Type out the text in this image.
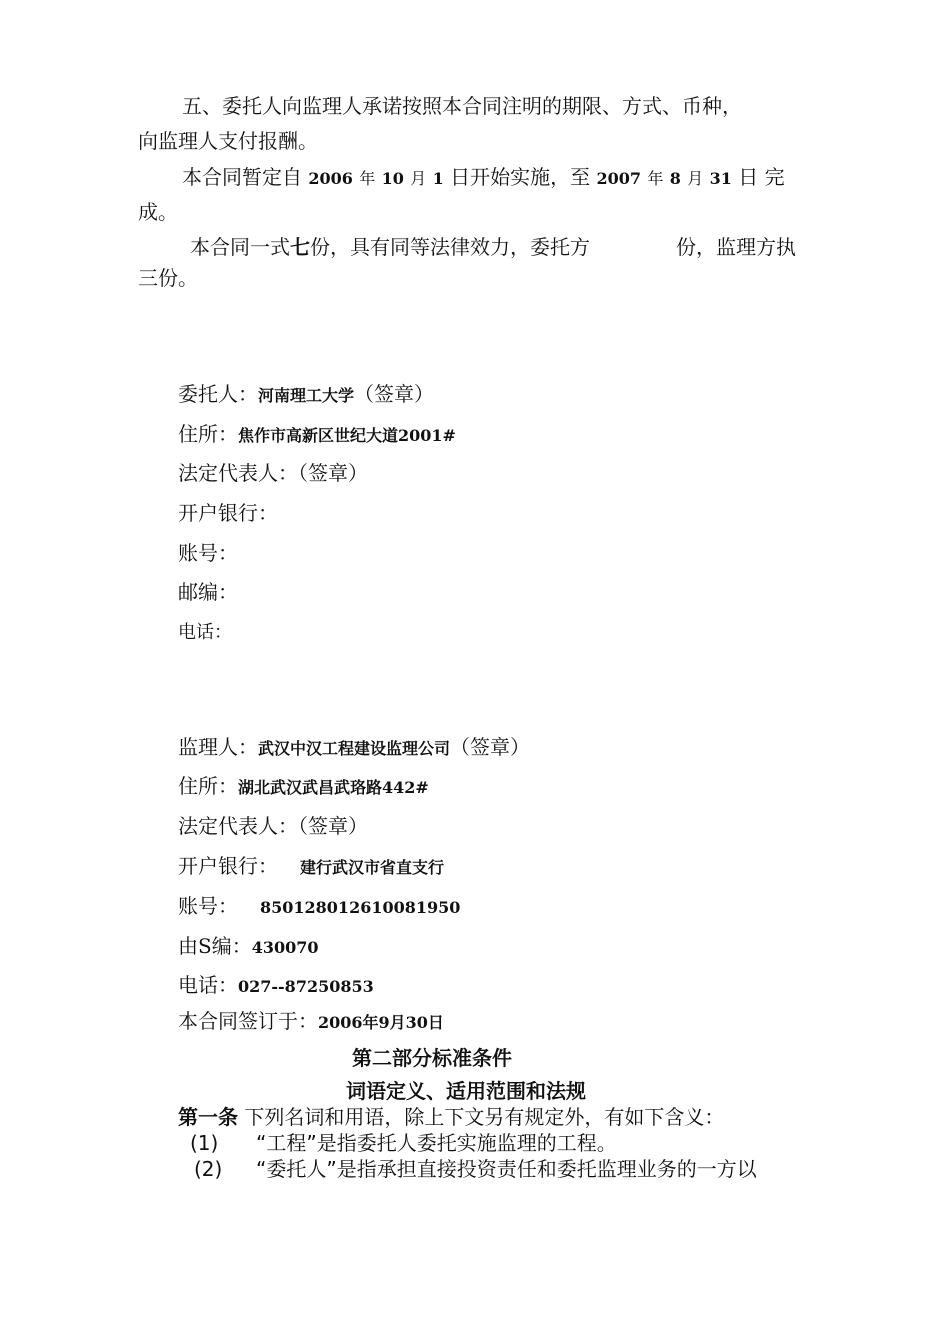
五、委托人向监理人承诺按照本合同注明的期限、方式、币种，
向监理人支付报酬。
本合同暂定自 2006 年 10 月 1 日开始实施，至 2007 年 8 月 31 日 完
成。
本合同一式七份，具有同等法律效力，委托方	份，监理方执
三份。
委托人：河南理工大学（签章）
住所：焦作市高新区世纪大道2001#
法定代表人：（签章）
开户银行：
账号：
邮编：
电话：
监理人：武汉中汉工程建设监理公司（签章）
住所：湖北武汉武昌武珞路442#
法定代表人：（签章）
开户银行： 建行武汉市省直支行
账号： 850128012610081950
由S编：430070
电话：027--87250853
本合同签订于：2006年9月30日
第二部分标准条件
词语定义、适用范围和法规
第一条 下列名词和用语，除上下文另有规定外，有如下含义：
(1) “工程”是指委托人委托实施监理的工程。
(2) “委托人”是指承担直接投资责任和委托监理业务的一方以
